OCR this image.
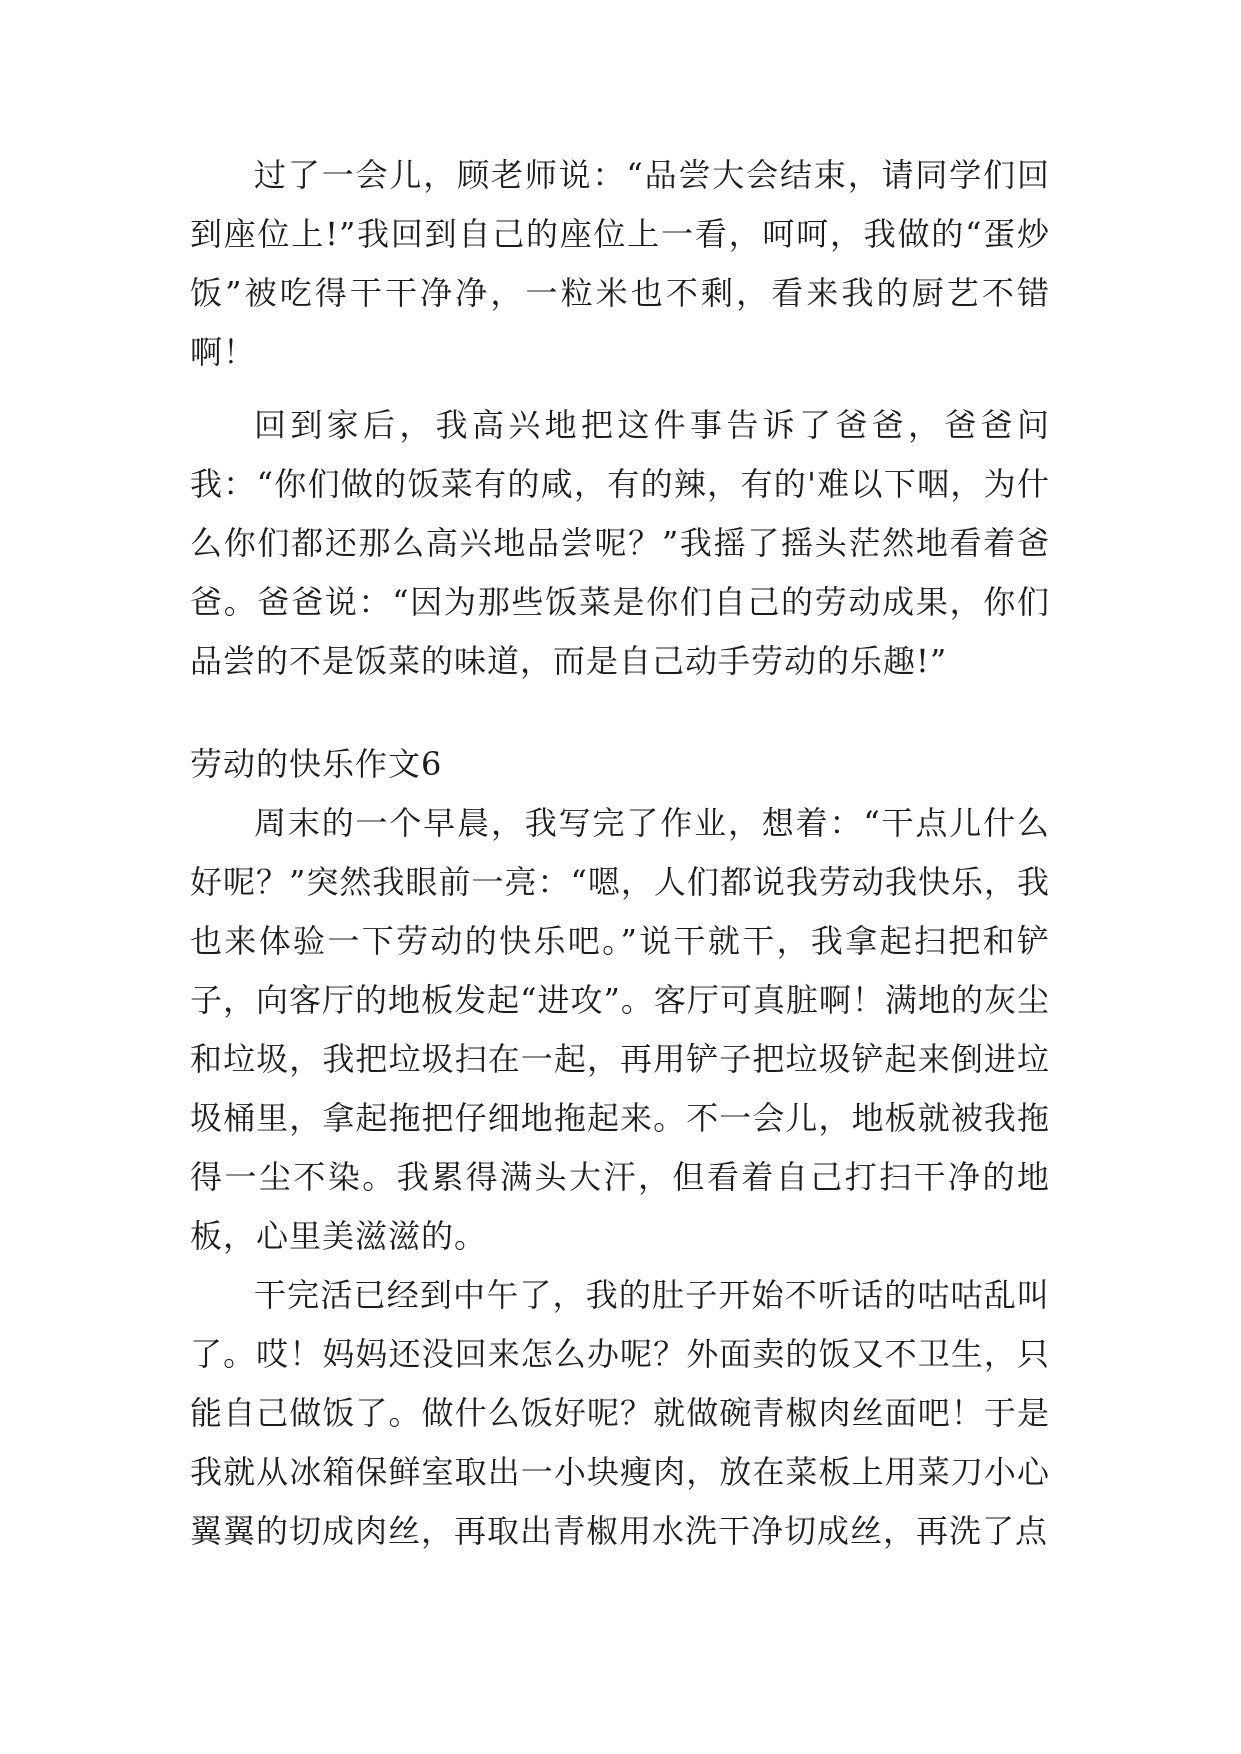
过了一会儿，顾老师说：“品尝大会结束，请同学们回到座位上!”我回到自己的座位上一看，呵呵，我做的“蛋炒饭”被吃得干干净净，一粒米也不剩，看来我的厨艺不错啊！

回到家后，我高兴地把这件事告诉了爸爸，爸爸问我：“你们做的饭菜有的咸，有的辣，有的'难以下咽，为什么你们都还那么高兴地品尝呢？”我摇了摇头茫然地看着爸爸。爸爸说：“因为那些饭菜是你们自己的劳动成果，你们品尝的不是饭菜的味道，而是自己动手劳动的乐趣!”

劳动的快乐作文6

周末的一个早晨，我写完了作业，想着：“干点儿什么好呢？”突然我眼前一亮：“嗯，人们都说我劳动我快乐，我也来体验一下劳动的快乐吧。”说干就干，我拿起扫把和铲子，向客厅的地板发起“进攻”。客厅可真脏啊！满地的灰尘和垃圾，我把垃圾扫在一起，再用铲子把垃圾铲起来倒进垃圾桶里，拿起拖把仔细地拖起来。不一会儿，地板就被我拖得一尘不染。我累得满头大汗，但看着自己打扫干净的地板，心里美滋滋的。

干完活已经到中午了，我的肚子开始不听话的咕咕乱叫了。哎！妈妈还没回来怎么办呢？外面卖的饭又不卫生，只能自己做饭了。做什么饭好呢？就做碗青椒肉丝面吧！于是我就从冰箱保鲜室取出一小块瘦肉，放在菜板上用菜刀小心翼翼的切成肉丝，再取出青椒用水洗干净切成丝，再洗了点
